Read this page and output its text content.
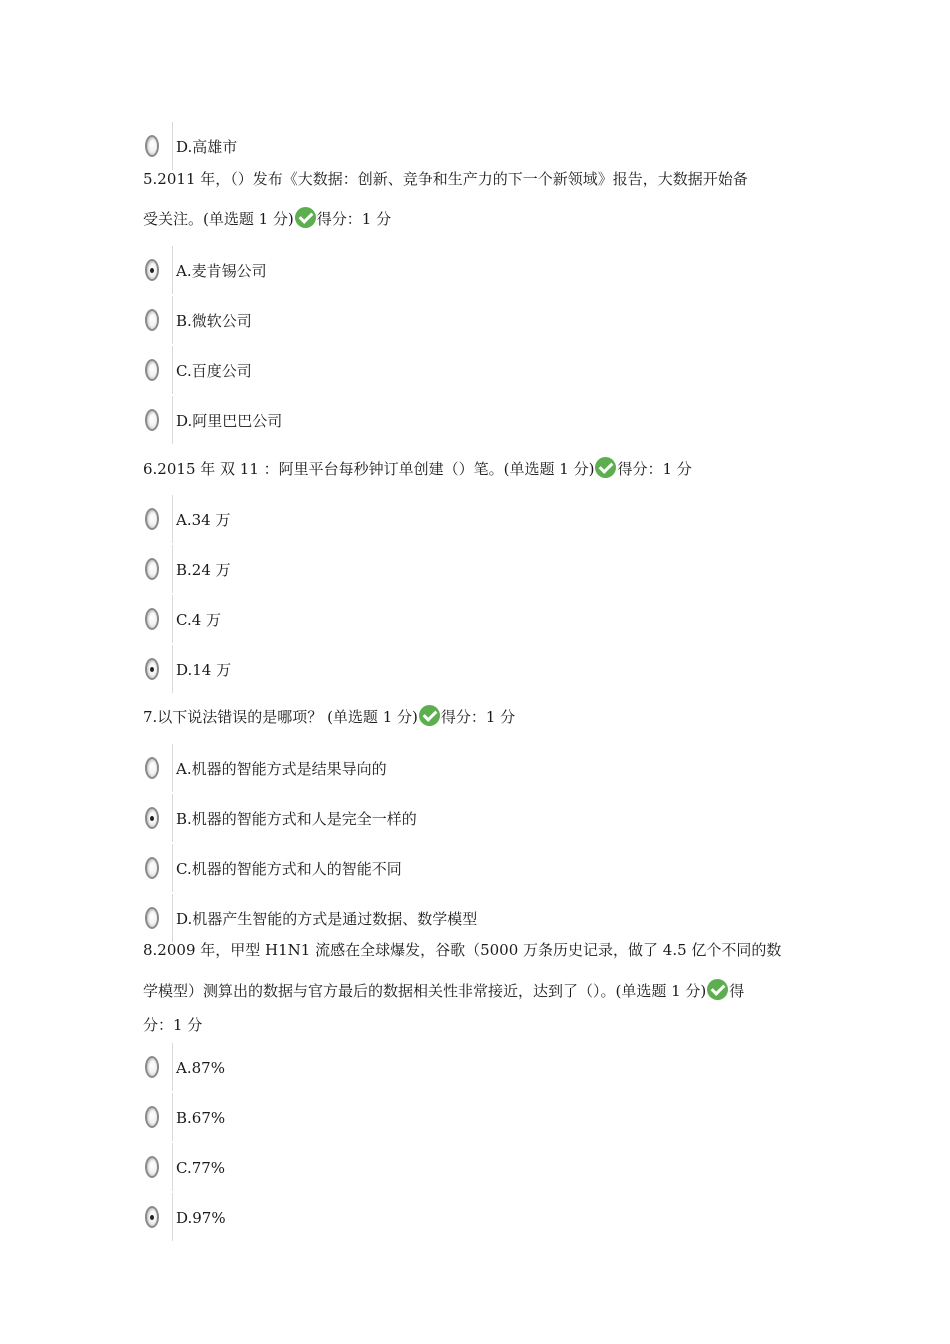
D.高雄市
5.2011 年，（）发布《大数据：创新、竞争和生产力的下一个新领域》报告，大数据开始备
受关注。(单选题 1 分) 得分：1 分
A.麦肯锡公司
B.微软公司
C.百度公司
D.阿里巴巴公司
6.2015 年 双 11 ：阿里平台每秒钟订单创建（）笔。(单选题 1 分) 得分：1 分
A.34 万
B.24 万
C.4 万
D.14 万
7.以下说法错误的是哪项？ (单选题 1 分) 得分：1 分
A.机器的智能方式是结果导向的
B.机器的智能方式和人是完全一样的
C.机器的智能方式和人的智能不同
D.机器产生智能的方式是通过数据、数学模型
8.2009 年，甲型 H1N1 流感在全球爆发，谷歌（5000 万条历史记录，做了 4.5 亿个不同的数
学模型）测算出的数据与官方最后的数据相关性非常接近，达到了（）。(单选题 1 分) 得
分：1 分
A.87%
B.67%
C.77%
D.97%
